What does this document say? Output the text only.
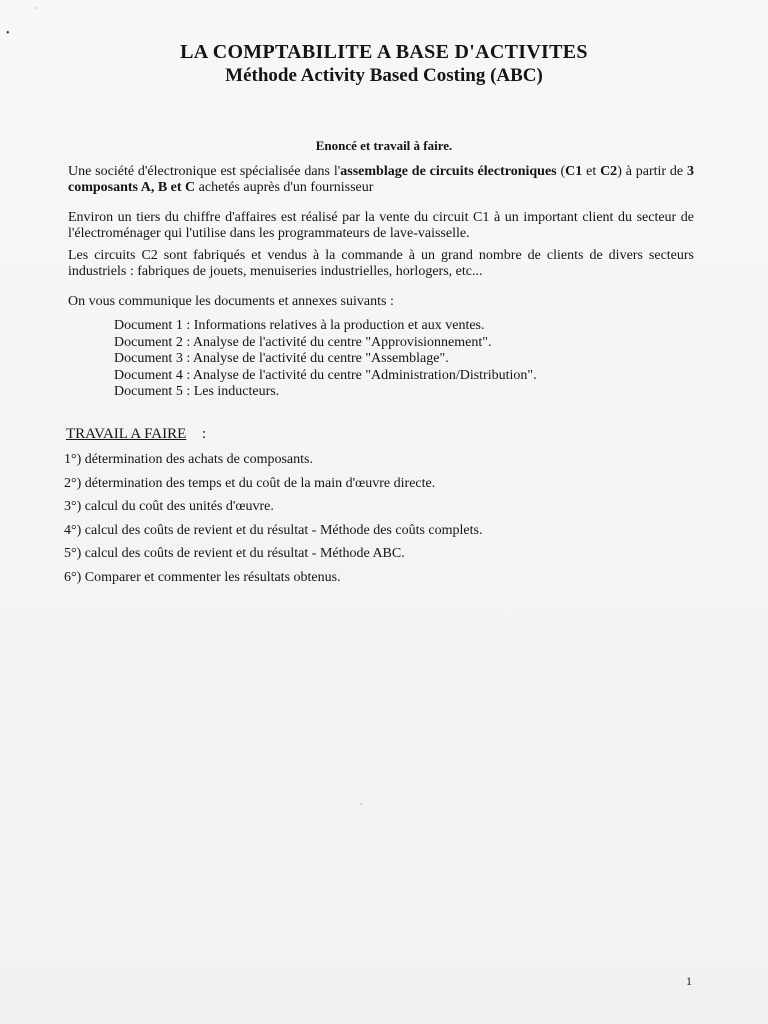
•
·

LA COMPTABILITE A BASE D'ACTIVITES

Méthode Activity Based Costing (ABC)

Enoncé et travail à faire.
Une société d'électronique est spécialisée dans l'assemblage de circuits électroniques (C1 et C2) à partir de 3 composants A, B et C achetés auprès d'un fournisseur
Environ un tiers du chiffre d'affaires est réalisé par la vente du circuit C1 à un important client du secteur de l'électroménager qui l'utilise dans les programmateurs de lave-vaisselle.
Les circuits C2 sont fabriqués et vendus à la commande à un grand nombre de clients de divers secteurs industriels : fabriques de jouets, menuiseries industrielles, horlogers, etc...
On vous communique les documents et annexes suivants :
Document 1 : Informations relatives à la production et aux ventes.
Document 2 : Analyse de l'activité du centre "Approvisionnement".
Document 3 : Analyse de l'activité du centre "Assemblage".
Document 4 : Analyse de l'activité du centre "Administration/Distribution".
Document 5 : Les inducteurs.
TRAVAIL A FAIRE :
1°) détermination des achats de composants.
2°) détermination des temps et du coût de la main d'œuvre directe.
3°) calcul du coût des unités d'œuvre.
4°) calcul des coûts de revient et du résultat - Méthode des coûts complets.
5°) calcul des coûts de revient et du résultat - Méthode ABC.
6°) Comparer et commenter les résultats obtenus.
·
1
